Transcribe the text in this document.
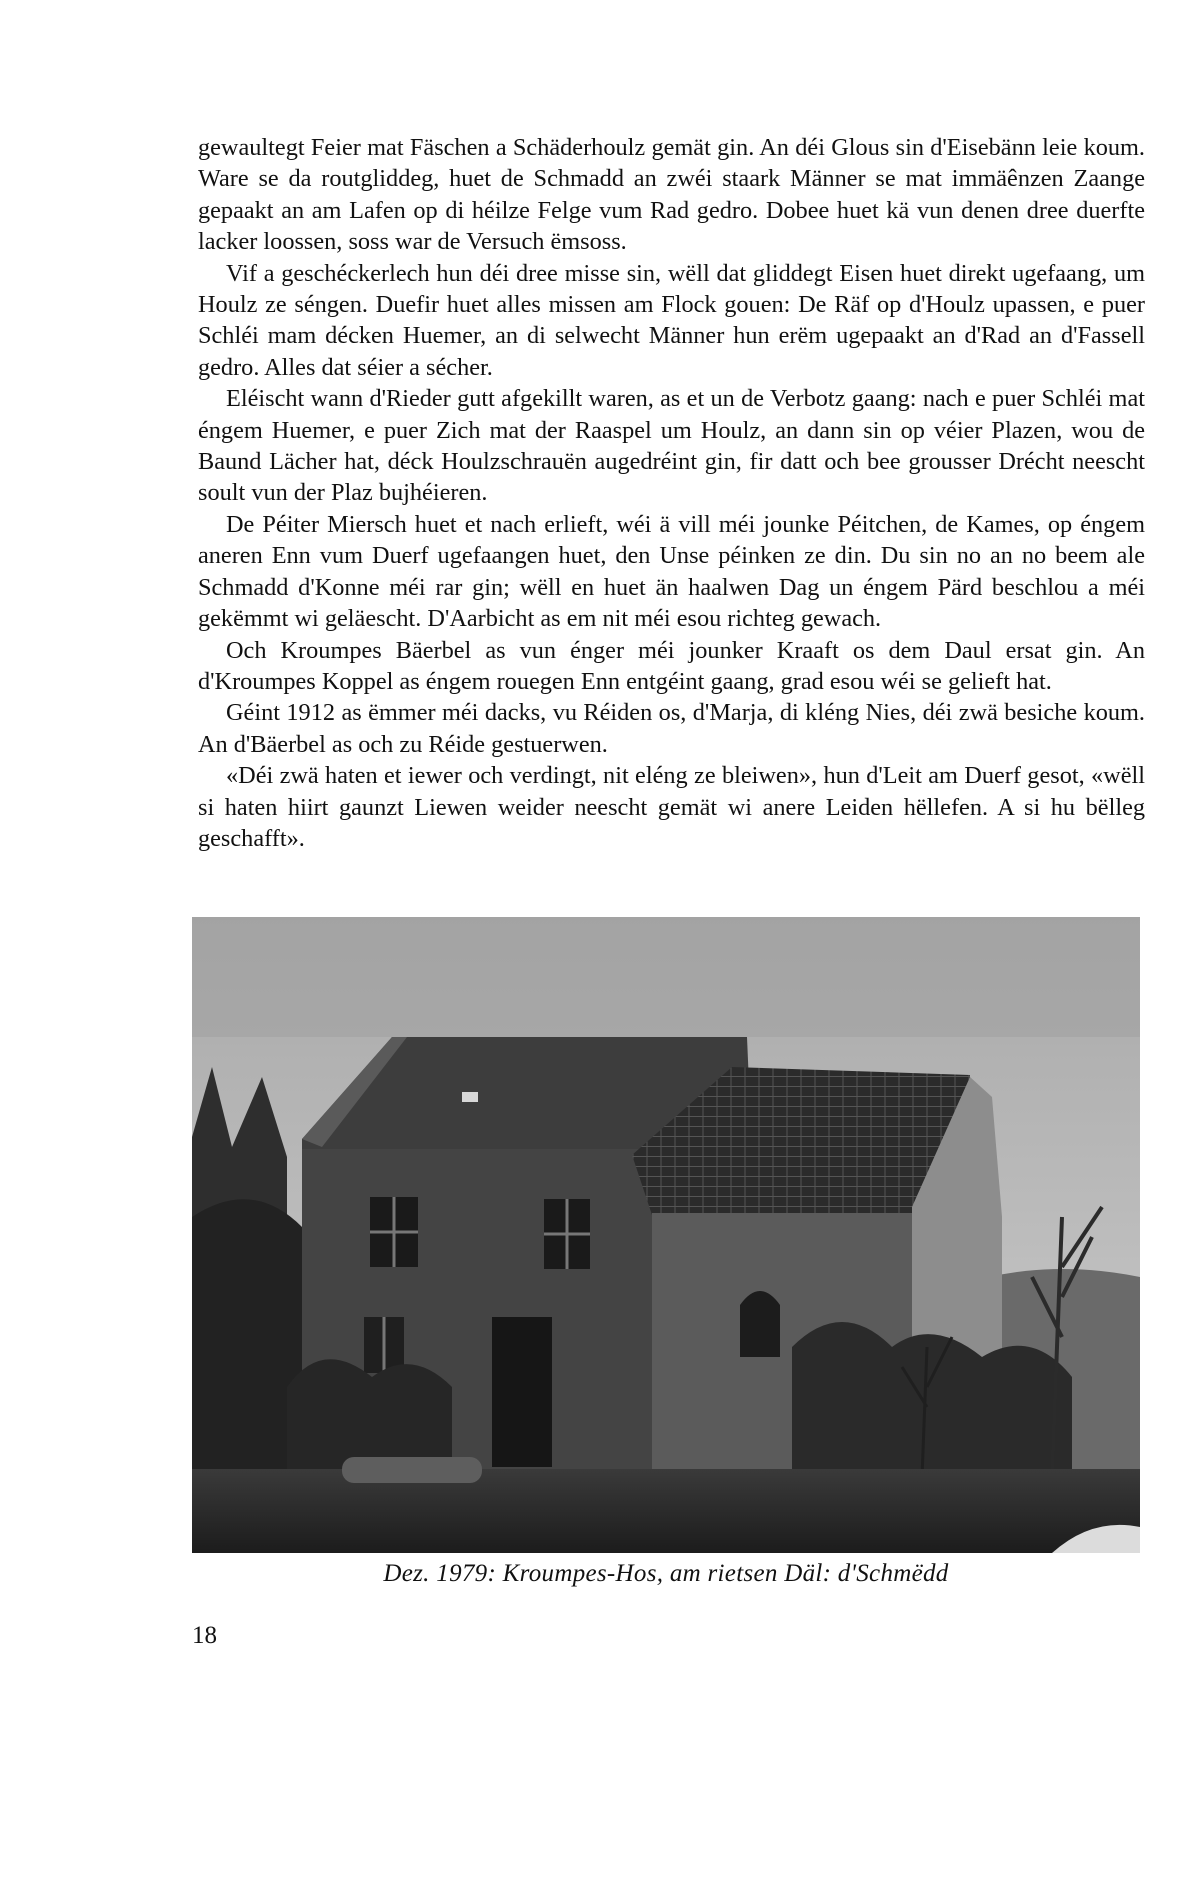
gewaultegt Feier mat Fäschen a Schäderhoulz gemät gin. An déi Glous sin d'Eisebänn leie koum. Ware se da routgliddeg, huet de Schmadd an zwéi staark Männer se mat immäênzen Zaange gepaakt an am Lafen op di héilze Felge vum Rad gedro. Dobee huet kä vun denen dree duerfte lacker loossen, soss war de Versuch ëmsoss.

Vif a geschéckerlech hun déi dree misse sin, wëll dat gliddegt Eisen huet direkt ugefaang, um Houlz ze séngen. Duefir huet alles missen am Flock gouen: De Räf op d'Houlz upassen, e puer Schléi mam décken Huemer, an di selwecht Männer hun erëm ugepaakt an d'Rad an d'Fassell gedro. Alles dat séier a sécher.

Eléischt wann d'Rieder gutt afgekillt waren, as et un de Verbotz gaang: nach e puer Schléi mat éngem Huemer, e puer Zich mat der Raaspel um Houlz, an dann sin op véier Plazen, wou de Baund Lächer hat, déck Houlzschrauën augedréint gin, fir datt och bee grousser Drécht neescht soult vun der Plaz bujhéieren.

De Péiter Miersch huet et nach erlieft, wéi ä vill méi jounke Péitchen, de Kames, op éngem aneren Enn vum Duerf ugefaangen huet, den Unse péinken ze din. Du sin no an no beem ale Schmadd d'Konne méi rar gin; wëll en huet än haalwen Dag un éngem Pärd beschlou a méi gekëmmt wi geläescht. D'Aarbicht as em nit méi esou richteg gewach.

Och Kroumpes Bäerbel as vun énger méi jounker Kraaft os dem Daul ersat gin. An d'Kroumpes Koppel as éngem rouegen Enn entgéint gaang, grad esou wéi se gelieft hat.

Géint 1912 as ëmmer méi dacks, vu Réiden os, d'Marja, di kléng Nies, déi zwä besiche koum. An d'Bäerbel as och zu Réide gestuerwen.

«Déi zwä haten et iewer och verdingt, nit eléng ze bleiwen», hun d'Leit am Duerf gesot, «wëll si haten hiirt gaunzt Liewen weider neescht gemät wi anere Leiden hëllefen. A si hu bëlleg geschafft».

Dez. 1979: Kroumpes-Hos, am rietsen Däl: d'Schmëdd
18
